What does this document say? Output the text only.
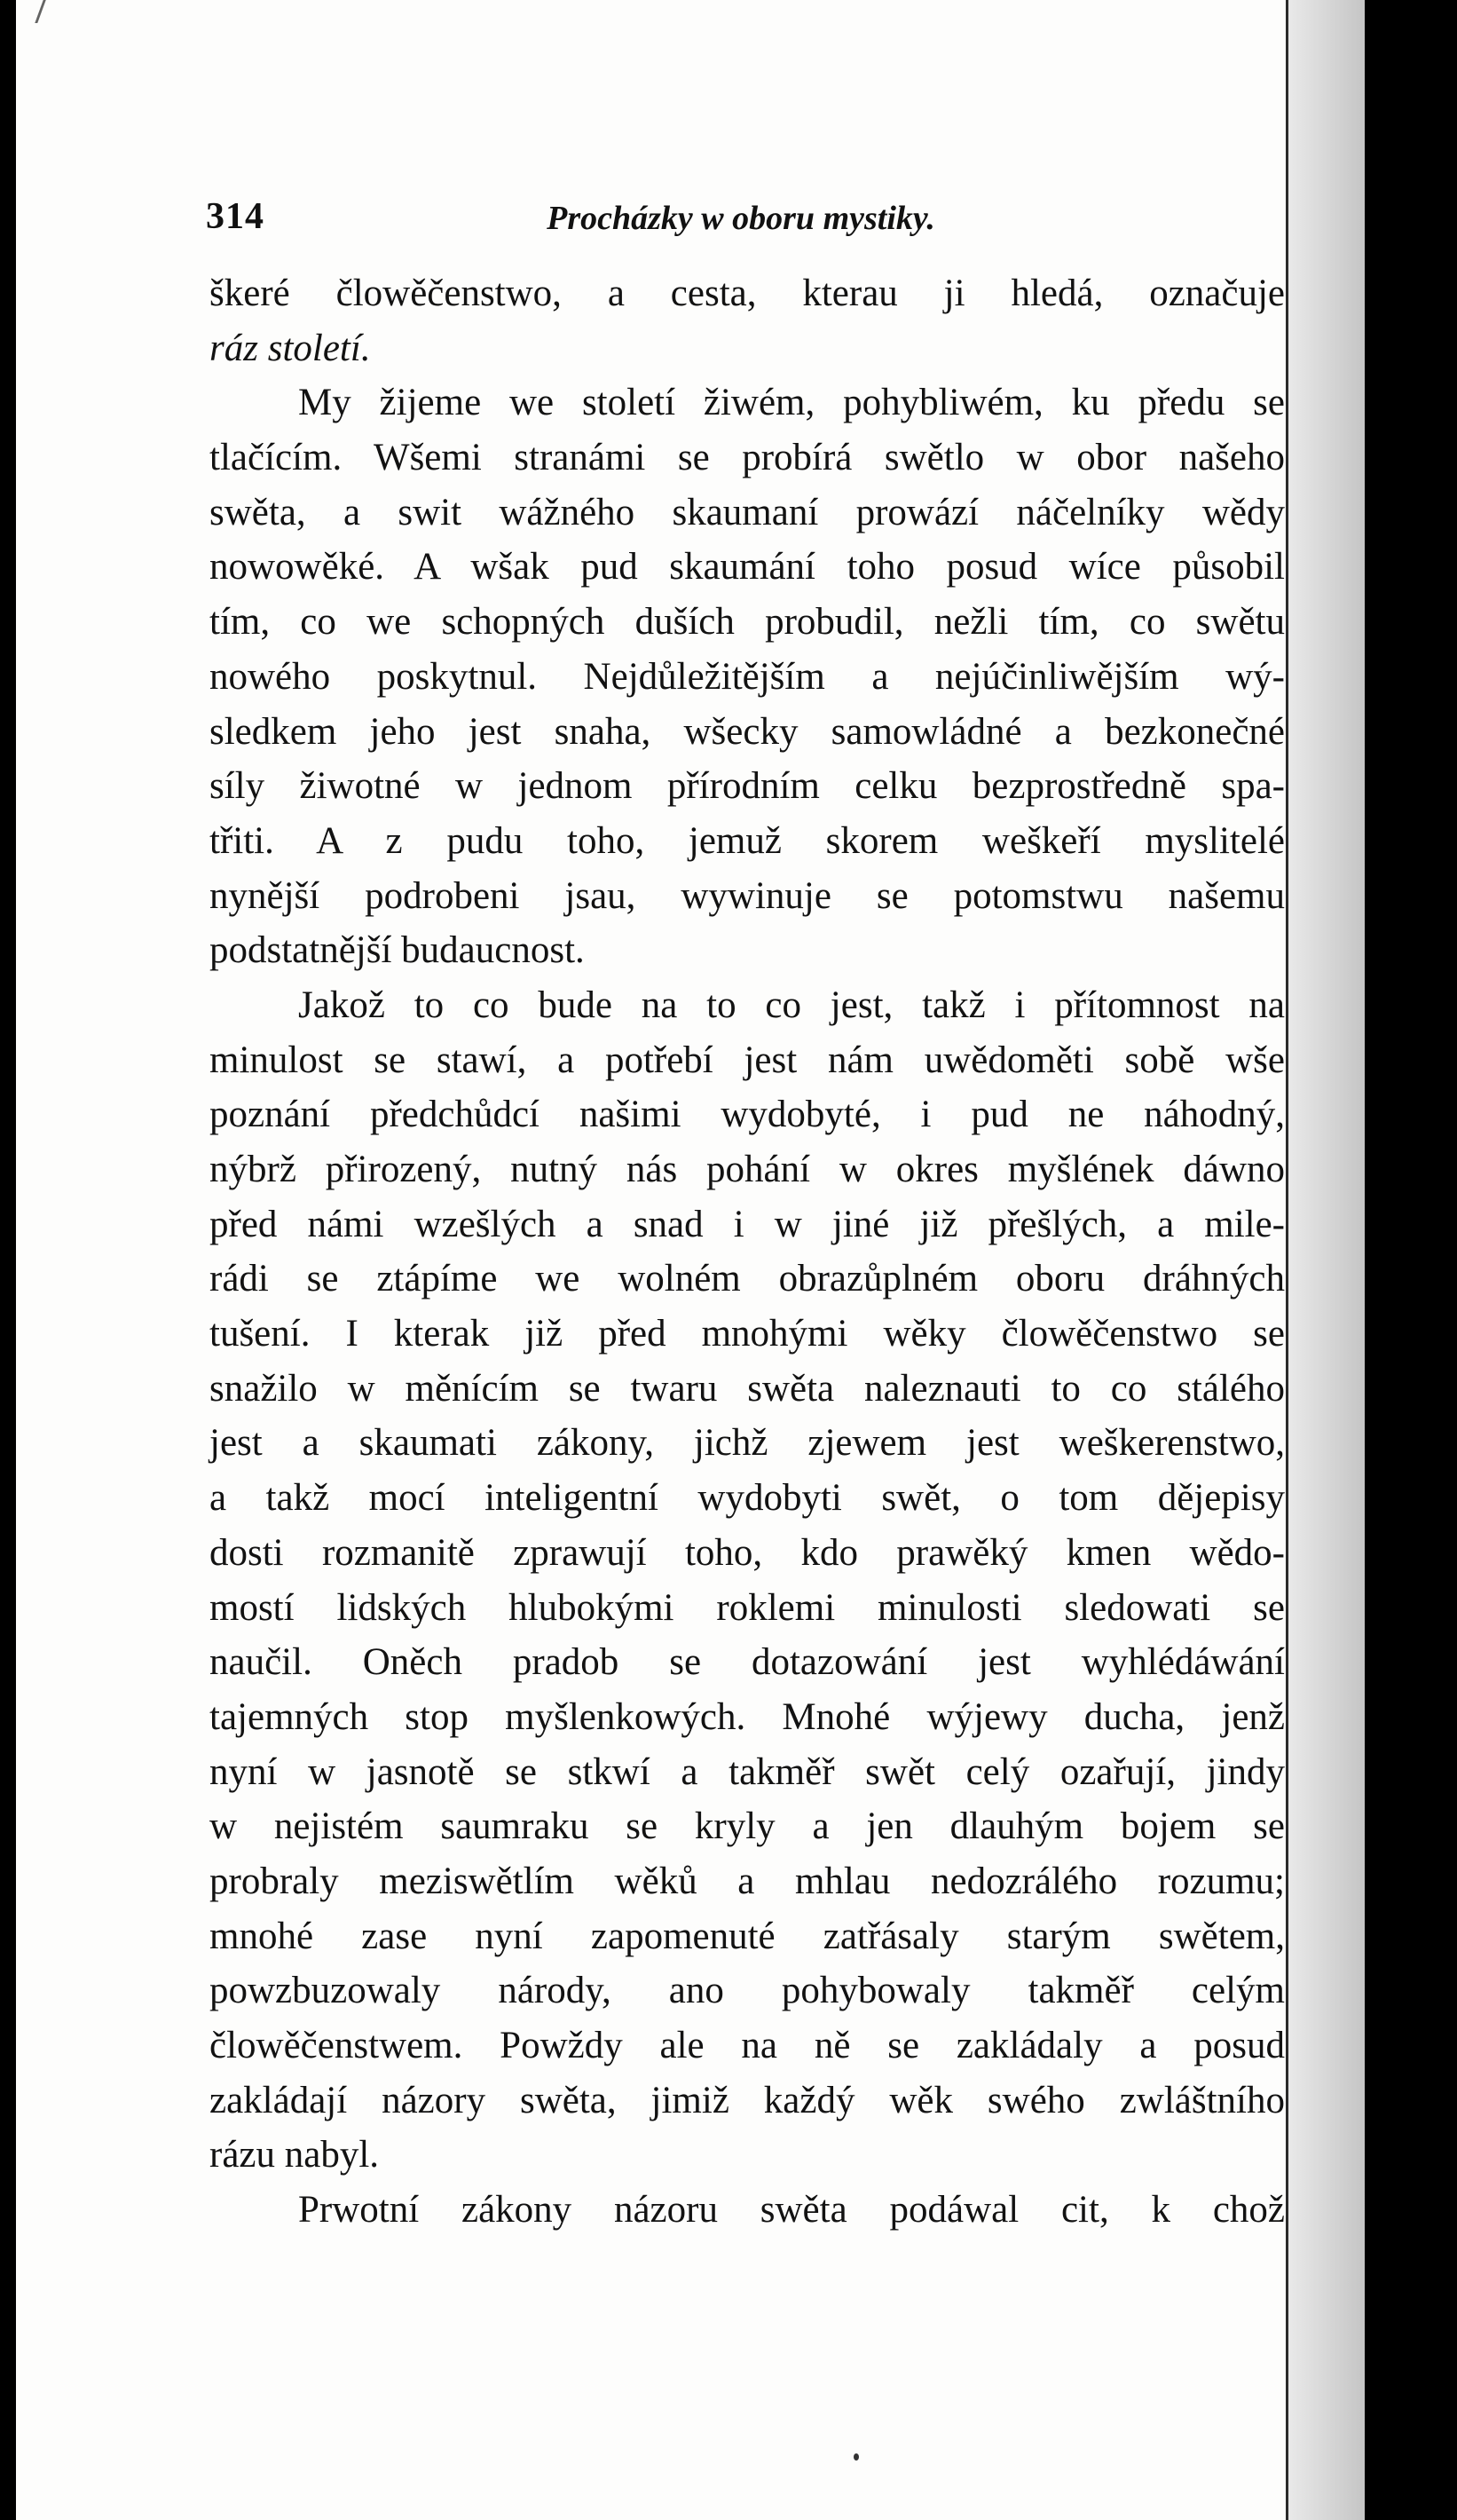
314	Procházky w oboru mystiky.
škeré člowěčenstwo, a cesta, kterau ji hledá, označuje
ráz století.
My žijeme we století žiwém, pohybliwém, ku předu se
tlačícím. Wšemi stranámi se probírá swětlo w obor našeho
swěta, a swit wážného skaumaní prowází náčelníky wědy
nowowěké. A wšak pud skaumání toho posud wíce působil
tím, co we schopných duších probudil, nežli tím, co swětu
nowého poskytnul. Nejdůležitějším a nejúčinliwějším wý-
sledkem jeho jest snaha, wšecky samowládné a bezkonečné
síly žiwotné w jednom přírodním celku bezprostředně spa-
třiti. A z pudu toho, jemuž skorem weškeří myslitelé
nynější podrobeni jsau, wywinuje se potomstwu našemu
podstatnější budaucnost.
Jakož to co bude na to co jest, takž i přítomnost na
minulost se stawí, a potřebí jest nám uwědoměti sobě wše
poznání předchůdcí našimi wydobyté, i pud ne náhodný,
nýbrž přirozený, nutný nás pohání w okres myšlének dáwno
před námi wzešlých a snad i w jiné již přešlých, a mile-
rádi se ztápíme we wolném obrazůplném oboru dráhných
tušení. I kterak již před mnohými wěky člowěčenstwo se
snažilo w měnícím se twaru swěta naleznauti to co stálého
jest a skaumati zákony, jichž zjewem jest weškerenstwo,
a takž mocí inteligentní wydobyti swět, o tom dějepisy
dosti rozmanitě zprawují toho, kdo prawěký kmen wědo-
mostí lidských hlubokými roklemi minulosti sledowati se
naučil. Oněch pradob se dotazowání jest wyhlédáwání
tajemných stop myšlenkowých. Mnohé wýjewy ducha, jenž
nyní w jasnotě se stkwí a takměř swět celý ozařují, jindy
w nejistém saumraku se kryly a jen dlauhým bojem se
probraly meziswětlím wěků a mhlau nedozrálého rozumu;
mnohé zase nyní zapomenuté zatřásaly starým swětem,
powzbuzowaly národy, ano pohybowaly takměř celým
člowěčenstwem. Powždy ale na ně se zakládaly a posud
zakládají názory swěta, jimiž každý wěk swého zwláštního
rázu nabyl.
Prwotní zákony názoru swěta podáwal cit, k chož
